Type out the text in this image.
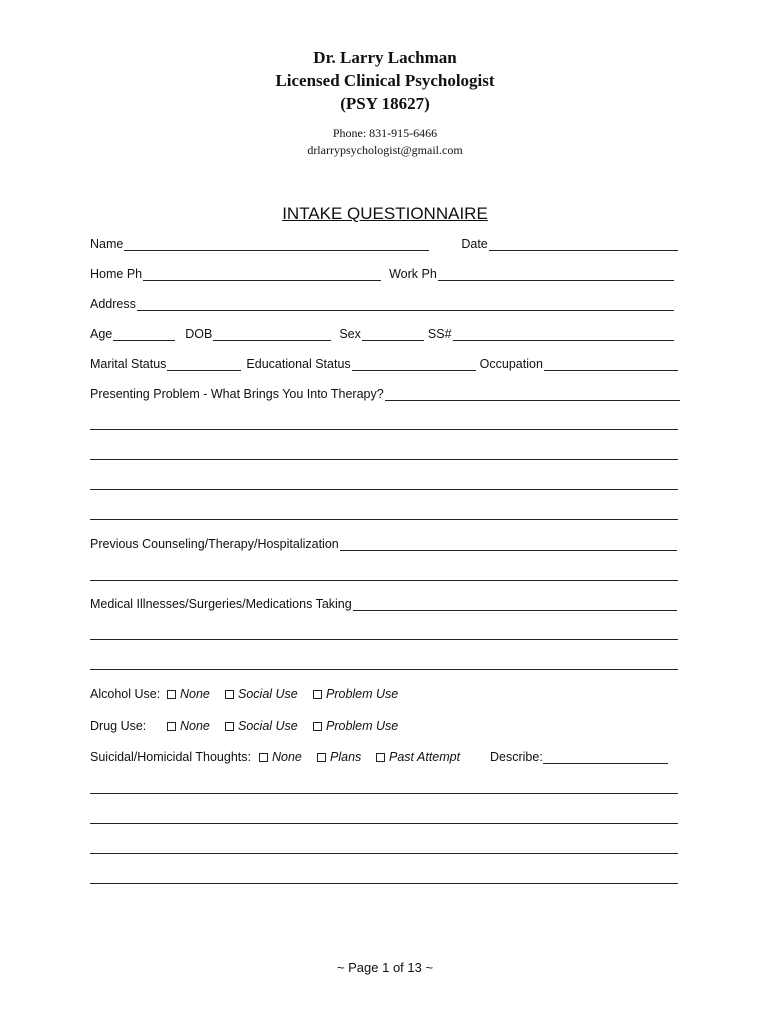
Dr. Larry Lachman
Licensed Clinical Psychologist
(PSY 18627)
Phone: 831-915-6466
drlarrypsychologist@gmail.com
INTAKE QUESTIONNAIRE
Name	Date
Home Ph	Work Ph
Address
Age	DOB	Sex	SS#
Marital Status	Educational Status	Occupation
Presenting Problem - What Brings You Into Therapy?
Previous Counseling/Therapy/Hospitalization
Medical Illnesses/Surgeries/Medications Taking
Alcohol Use:	None Social Use Problem Use
Drug Use:	None Social Use Problem Use
Suicidal/Homicidal Thoughts:	None Plans Past Attempt Describe:
~ Page 1 of 13 ~
